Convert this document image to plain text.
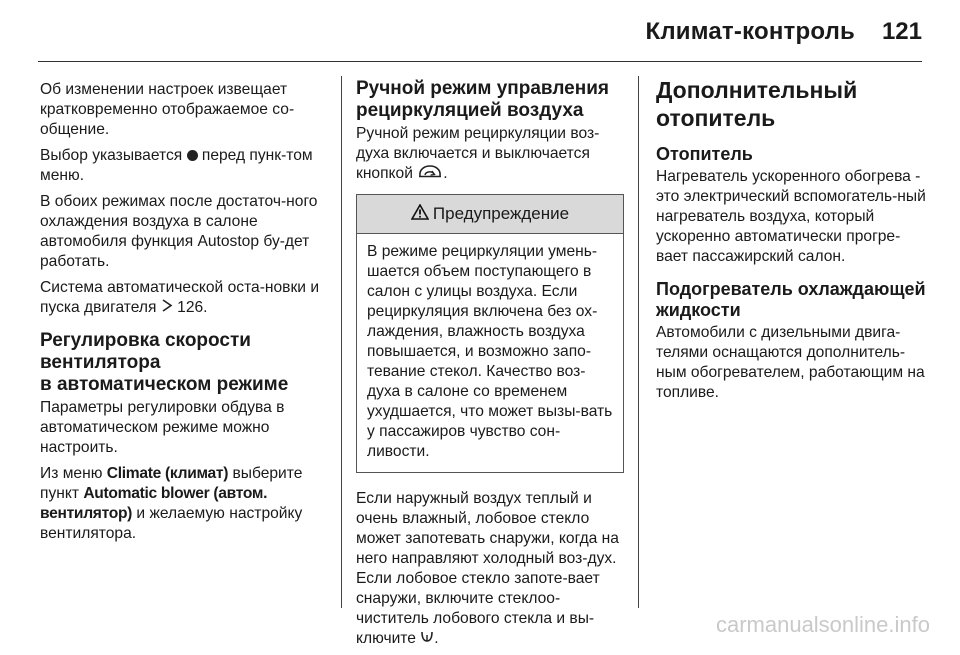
Климат-контроль 121

Об изменении настроек извещает кратковременно отображаемое со-общение.

Выбор указывается перед пунк-том меню.

В обоих режимах после достаточ-ного охлаждения воздуха в салоне автомобиля функция Autostop бу-дет работать.

Система автоматической оста-новки и пуска двигателя 126.

Регулировка скорости
вентилятора
в автоматическом режиме

Параметры регулировки обдува в автоматическом режиме можно настроить.

Из меню Climate (климат) выберите пункт Automatic blower (автом. вентилятор) и желаемую настройку вентилятора.

Ручной режим управления рециркуляцией воздуха

Ручной режим рециркуляции воз-духа включается и выключается кнопкой .

Предупреждение
В режиме рециркуляции умень-шается объем поступающего в салон с улицы воздуха. Если рециркуляция включена без ох-лаждения, влажность воздуха повышается, и возможно запо-тевание стекол. Качество воз-духа в салоне со временем ухудшается, что может вызы-вать у пассажиров чувство сон-ливости.

Если наружный воздух теплый и очень влажный, лобовое стекло может запотевать снаружи, когда на него направляют холодный воз-дух. Если лобовое стекло запоте-вает снаружи, включите стеклоо-чиститель лобового стекла и вы-ключите .

Дополнительный отопитель
Отопитель

Нагреватель ускоренного обогрева - это электрический вспомогатель-ный нагреватель воздуха, который ускоренно автоматически прогре-вает пассажирский салон.

Подогреватель охлаждающей жидкости

Автомобили с дизельными двига-телями оснащаются дополнитель-ным обогревателем, работающим на топливе.

carmanualsonline.info
